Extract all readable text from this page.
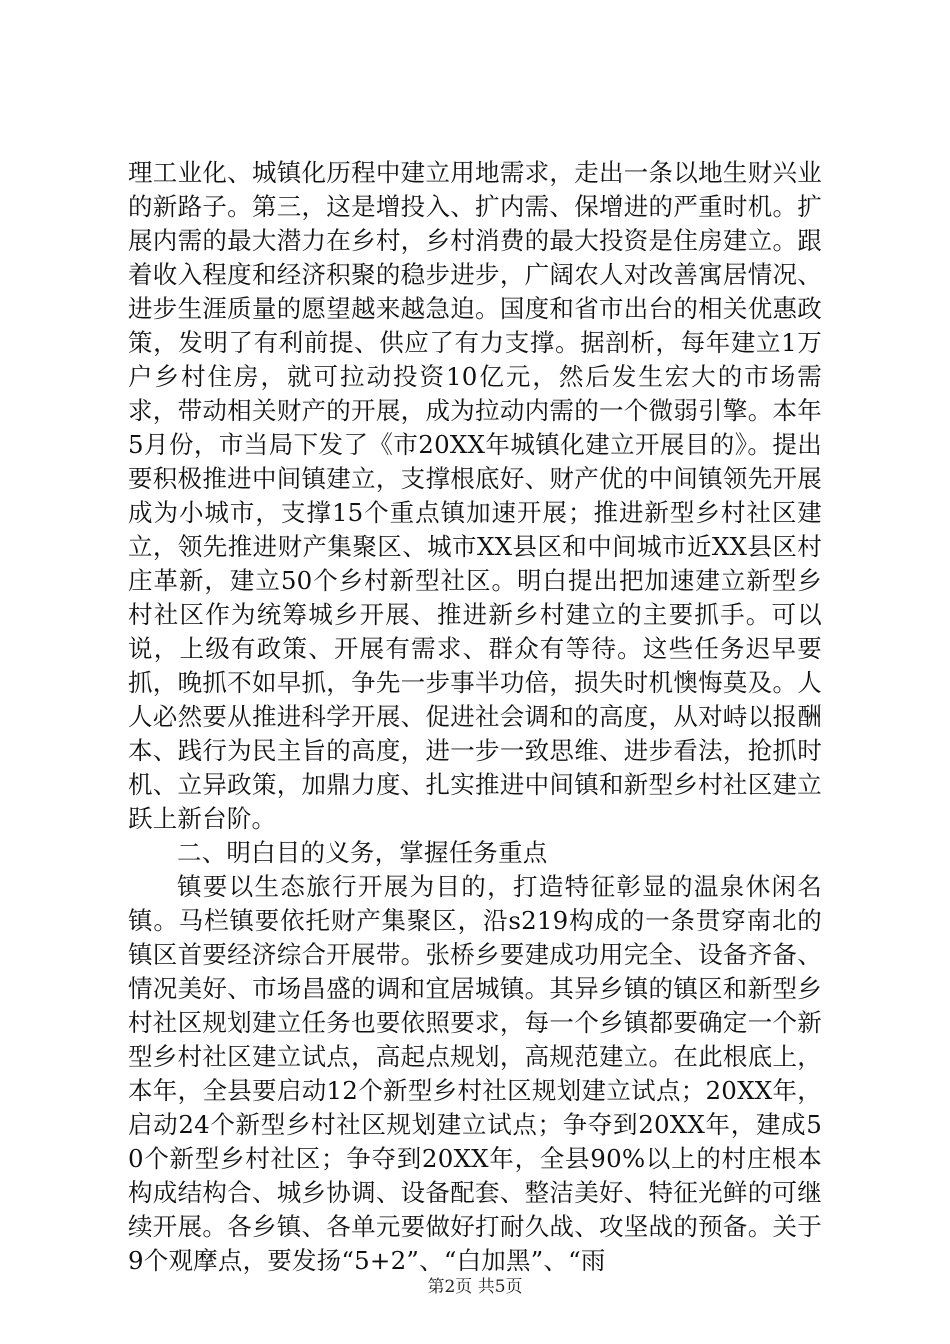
理工业化、城镇化历程中建立用地需求，走出一条以地生财兴业的新路子。第三，这是增投入、扩内需、保增进的严重时机。扩展内需的最大潜力在乡村，乡村消费的最大投资是住房建立。跟着收入程度和经济积聚的稳步进步，广阔农人对改善寓居情况、进步生涯质量的愿望越来越急迫。国度和省市出台的相关优惠政策，发明了有利前提、供应了有力支撑。据剖析，每年建立1万户乡村住房，就可拉动投资10亿元，然后发生宏大的市场需求，带动相关财产的开展，成为拉动内需的一个微弱引擎。本年5月份，市当局下发了《市20XX年城镇化建立开展目的》。提出要积极推进中间镇建立，支撑根底好、财产优的中间镇领先开展成为小城市，支撑15个重点镇加速开展；推进新型乡村社区建立，领先推进财产集聚区、城市XX县区和中间城市近XX县区村庄革新，建立50个乡村新型社区。明白提出把加速建立新型乡村社区作为统筹城乡开展、推进新乡村建立的主要抓手。可以说，上级有政策、开展有需求、群众有等待。这些任务迟早要抓，晚抓不如早抓，争先一步事半功倍，损失时机懊悔莫及。人人必然要从推进科学开展、促进社会调和的高度，从对峙以报酬本、践行为民主旨的高度，进一步一致思维、进步看法，抢抓时机、立异政策，加鼎力度、扎实推进中间镇和新型乡村社区建立跃上新台阶。

二、明白目的义务，掌握任务重点

镇要以生态旅行开展为目的，打造特征彰显的温泉休闲名镇。马栏镇要依托财产集聚区，沿s219构成的一条贯穿南北的镇区首要经济综合开展带。张桥乡要建成功用完全、设备齐备、情况美好、市场昌盛的调和宜居城镇。其异乡镇的镇区和新型乡村社区规划建立任务也要依照要求，每一个乡镇都要确定一个新型乡村社区建立试点，高起点规划，高规范建立。在此根底上，本年，全县要启动12个新型乡村社区规划建立试点；20XX年，启动24个新型乡村社区规划建立试点；争夺到20XX年，建成50个新型乡村社区；争夺到20XX年，全县90%以上的村庄根本构成结构合、城乡协调、设备配套、整洁美好、特征光鲜的可继续开展。各乡镇、各单元要做好打耐久战、攻坚战的预备。关于9个观摩点，要发扬“5+2”、“白加黑”、“雨

第2页 共5页
